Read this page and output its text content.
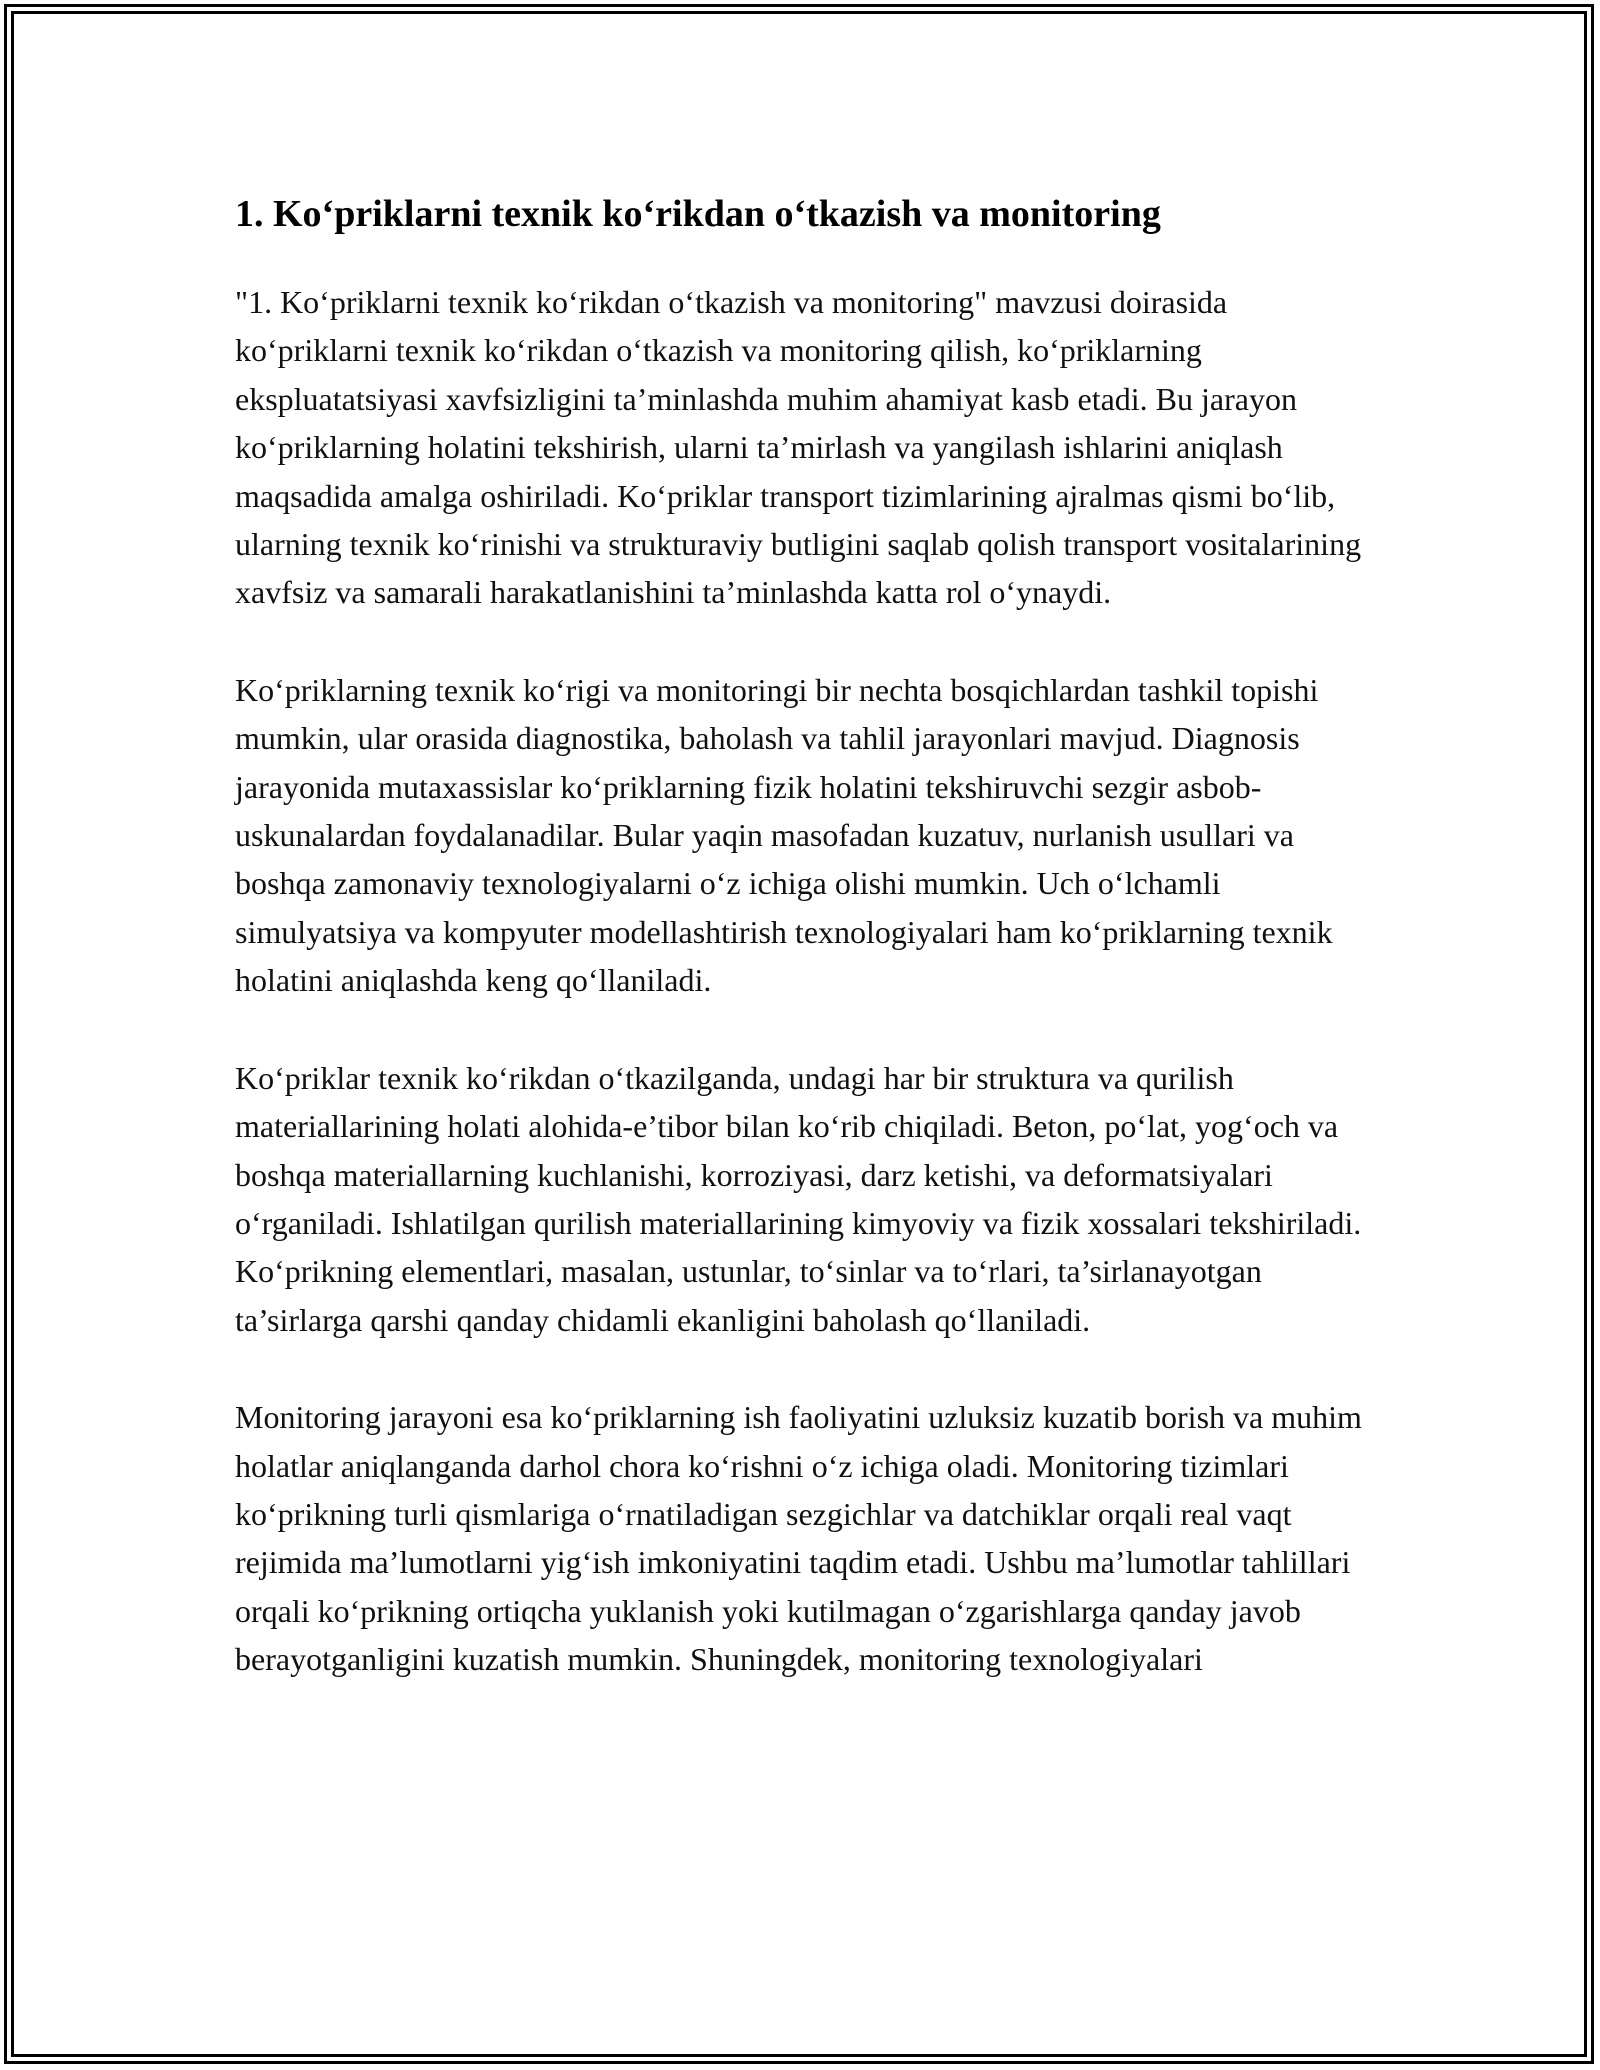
1. Ko‘priklarni texnik ko‘rikdan o‘tkazish va monitoring

"1. Ko‘priklarni texnik ko‘rikdan o‘tkazish va monitoring" mavzusi doirasida ko‘priklarni texnik ko‘rikdan o‘tkazish va monitoring qilish, ko‘priklarning ekspluatatsiyasi xavfsizligini ta’minlashda muhim ahamiyat kasb etadi. Bu jarayon ko‘priklarning holatini tekshirish, ularni ta’mirlash va yangilash ishlarini aniqlash maqsadida amalga oshiriladi. Ko‘priklar transport tizimlarining ajralmas qismi bo‘lib, ularning texnik ko‘rinishi va strukturaviy butligini saqlab qolish transport vositalarining xavfsiz va samarali harakatlanishini ta’minlashda katta rol o‘ynaydi.

Ko‘priklarning texnik ko‘rigi va monitoringi bir nechta bosqichlardan tashkil topishi mumkin, ular orasida diagnostika, baholash va tahlil jarayonlari mavjud. Diagnosis jarayonida mutaxassislar ko‘priklarning fizik holatini tekshiruvchi sezgir asbob-uskunalardan foydalanadilar. Bular yaqin masofadan kuzatuv, nurlanish usullari va boshqa zamonaviy texnologiyalarni o‘z ichiga olishi mumkin. Uch o‘lchamli simulyatsiya va kompyuter modellashtirish texnologiyalari ham ko‘priklarning texnik holatini aniqlashda keng qo‘llaniladi.

Ko‘priklar texnik ko‘rikdan o‘tkazilganda, undagi har bir struktura va qurilish materiallarining holati alohida-e’tibor bilan ko‘rib chiqiladi. Beton, po‘lat, yog‘och va boshqa materiallarning kuchlanishi, korroziyasi, darz ketishi, va deformatsiyalari o‘rganiladi. Ishlatilgan qurilish materiallarining kimyoviy va fizik xossalari tekshiriladi. Ko‘prikning elementlari, masalan, ustunlar, to‘sinlar va to‘rlari, ta’sirlanayotgan ta’sirlarga qarshi qanday chidamli ekanligini baholash qo‘llaniladi.

Monitoring jarayoni esa ko‘priklarning ish faoliyatini uzluksiz kuzatib borish va muhim holatlar aniqlanganda darhol chora ko‘rishni o‘z ichiga oladi. Monitoring tizimlari ko‘prikning turli qismlariga o‘rnatiladigan sezgichlar va datchiklar orqali real vaqt rejimida ma’lumotlarni yig‘ish imkoniyatini taqdim etadi. Ushbu ma’lumotlar tahlillari orqali ko‘prikning ortiqcha yuklanish yoki kutilmagan o‘zgarishlarga qanday javob berayotganligini kuzatish mumkin. Shuningdek, monitoring texnologiyalari
